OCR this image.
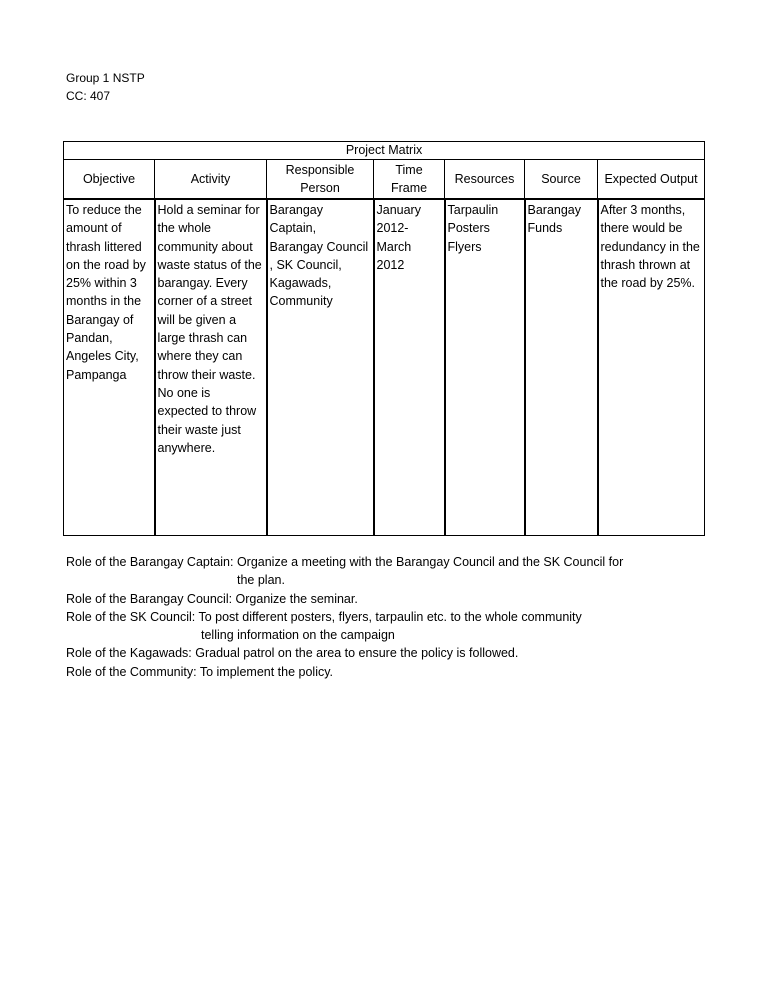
Group 1 NSTP
CC: 407
Project Matrix						
Objective	Activity	Responsible Person	Time Frame	Resources	Source	Expected Output
To reduce the amount of thrash littered on the road by 25% within 3 months in the Barangay of Pandan, Angeles City, Pampanga	Hold a seminar for the whole community about waste status of the barangay. Every corner of a street will be given a large thrash can where they can throw their waste. No one is expected to throw their waste just anywhere.	Barangay Captain, Barangay Council , SK Council, Kagawads, Community	January 2012- March 2012	Tarpaulin Posters Flyers	Barangay Funds	After 3 months, there would be redundancy in the thrash thrown at the road by 25%.
Role of the Barangay Captain: Organize a meeting with the Barangay Council and the SK Council for
the plan.
Role of the Barangay Council: Organize the seminar.
Role of the SK Council: To post different posters, flyers, tarpaulin etc. to the whole community
telling information on the campaign
Role of the Kagawads: Gradual patrol on the area to ensure the policy is followed.
Role of the Community: To implement the policy.
